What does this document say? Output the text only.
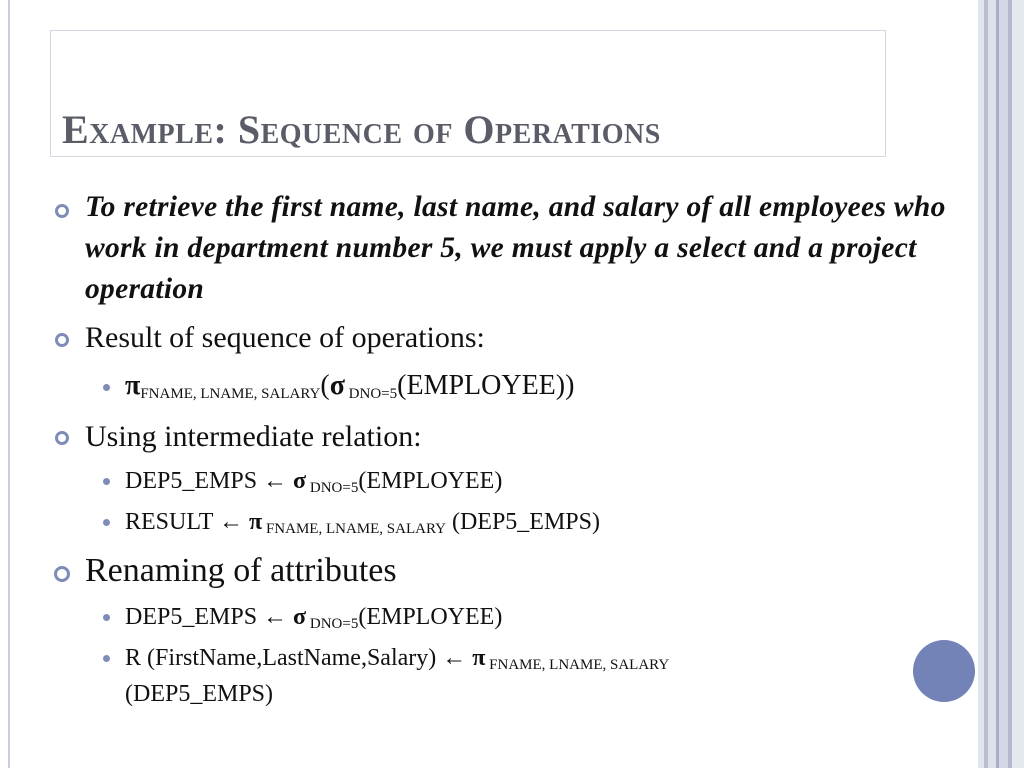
Example: Sequence of Operations
To retrieve the first name, last name, and salary of all employees who work in department number 5, we must apply a select and a project operation
Result of sequence of operations:
$\pi_{FNAME, LNAME, SALARY}(\sigma$ $_{DNO=5}$(EMPLOYEE))
Using intermediate relation:
DEP5_EMPS ← σ $_{DNO=5}$(EMPLOYEE)
RESULT ← π $_{FNAME, LNAME, SALARY}$ (DEP5_EMPS)
Renaming of attributes
DEP5_EMPS ← σ $_{DNO=5}$(EMPLOYEE)
R (FirstName,LastName,Salary) ← π $_{FNAME, LNAME, SALARY}$
(DEP5_EMPS)
